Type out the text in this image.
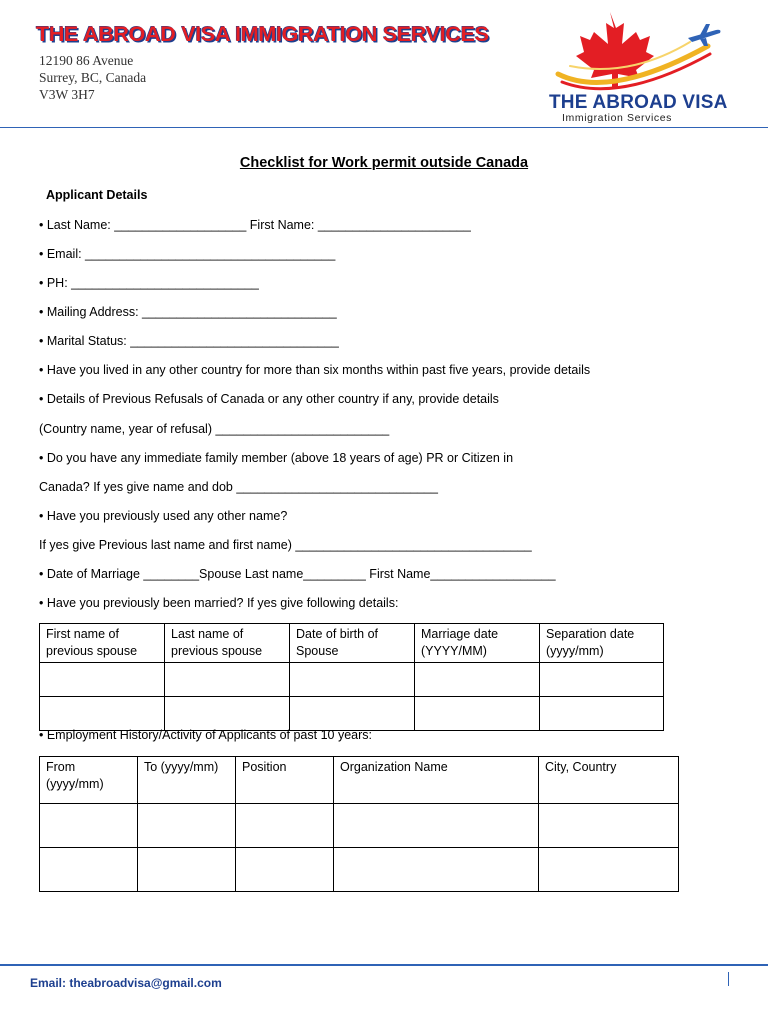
THE ABROAD VISA IMMIGRATION SERVICES
12190 86 Avenue
Surrey, BC, Canada
V3W 3H7	THE ABROAD VISA
Immigration Services
Checklist for Work permit outside Canada
Applicant Details
• Last Name: ___________________ First Name: ______________________
• Email: ____________________________________
• PH: ___________________________
• Mailing Address: ____________________________
• Marital Status: ______________________________
• Have you lived in any other country for more than six months within past five years, provide details
• Details of Previous Refusals of Canada or any other country if any, provide details
(Country name, year of refusal) _________________________
• Do you have any immediate family member (above 18 years of age) PR or Citizen in
Canada? If yes give name and dob _____________________________
• Have you previously used any other name?
If yes give Previous last name and first name) __________________________________
• Date of Marriage ________Spouse Last name_________ First Name__________________
• Have you previously been married? If yes give following details:
First name of
previous spouse	Last name of
previous spouse	Date of birth of
Spouse	Marriage date
(YYYY/MM)	Separation date
(yyyy/mm)

• Employment History/Activity of Applicants of past 10 years:
From
(yyyy/mm)	To (yyyy/mm)	Position	Organization Name	City, Country

Email: theabroadvisa@gmail.com
